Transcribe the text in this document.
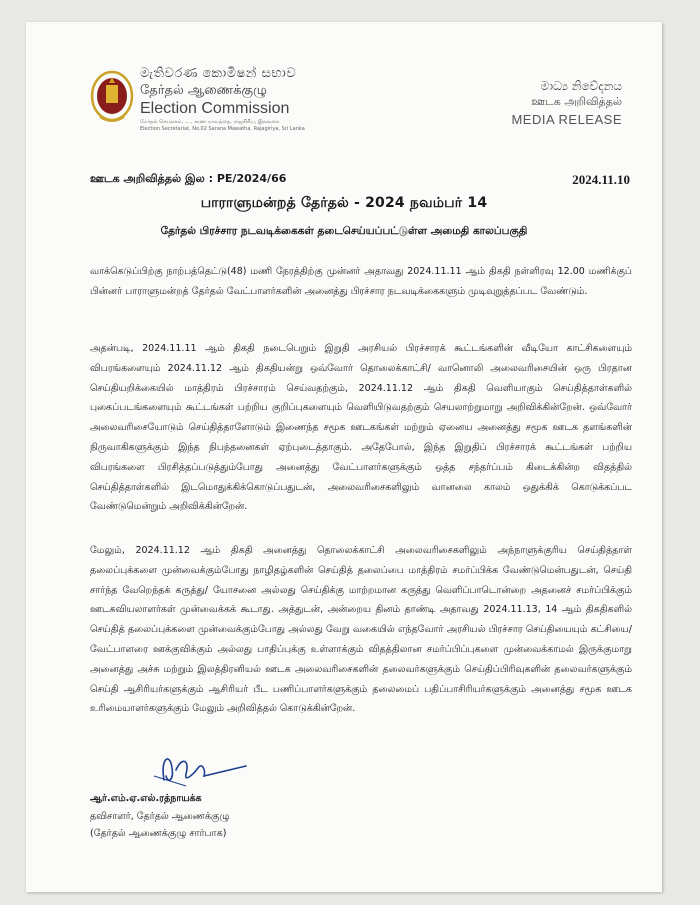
මැතිවරණ කොමිෂන් සභාව
தேர்தல் ஆணைக்குழு
Election Commission
மேர்தல் செயலகம், ... , சரண மாவத்தை, ராஜகிரிய, இலங்கை
Election Secretariat, No.02 Sarana Mawatha, Rajagiriya, Sri Lanka
මාධ්‍ය නිවේදනය
ஊடக அறிவித்தல்
MEDIA RELEASE
ஊடக அறிவித்தல் இல : PE/2024/66	2024.11.10
பாராளுமன்றத் தேர்தல் - 2024 நவம்பர் 14
தேர்தல் பிரச்சார நடவடிக்கைகள் தடைசெய்யப்பட்டுள்ள அமைதி காலப்பகுதி
வாக்கெடுப்பிற்கு நாற்பத்தெட்டு(48) மணி நேரத்திற்கு முன்னர் அதாவது 2024.11.11 ஆம் திகதி நள்ளிரவு 12.00 மணிக்குப் பின்னர் பாராளுமன்றத் தேர்தல் வேட்பாளர்களின் அனைத்து பிரச்சார நடவடிக்கைகளும் முடிவுறுத்தப்பட வேண்டும்.
அதன்படி, 2024.11.11 ஆம் திகதி நடைபெறும் இறுதி அரசியல் பிரச்சாரக் கூட்டங்களின் வீடியோ காட்சிகளையும் விபரங்களையும் 2024.11.12 ஆம் திகதியன்று ஒவ்வோர் தொலைக்காட்சி/ வானொலி அலைவரிசையின் ஒரு பிரதான செய்தியறிக்கையில் மாத்திரம் பிரச்சாரம் செய்வதற்கும், 2024.11.12 ஆம் திகதி வெளியாகும் செய்தித்தாள்களில் புகைப்படங்களையும் கூட்டங்கள் பற்றிய குறிப்புகளையும் வெளியிடுவதற்கும் செயலாற்றுமாறு அறிவிக்கின்றேன். ஒவ்வோர் அலைவரிசையோடும் செய்தித்தாளோடும் இணைந்த சமூக ஊடகங்கள் மற்றும் ஏனைய அனைத்து சமூக ஊடக தளங்களின் நிருவாகிகளுக்கும் இந்த நிபந்தனைகள் ஏற்புடைத்தாகும். அதேபோல், இந்த இறுதிப் பிரச்சாரக் கூட்டங்கள் பற்றிய விபரங்களை பிரசித்தப்படுத்தும்போது அனைத்து வேட்பாளர்களுக்கும் ஒத்த சந்தர்ப்பம் கிடைக்கின்ற விதத்தில் செய்தித்தாள்களில் இடமொதுக்கிக்கொடுப்பதுடன், அலைவரிசைகளிலும் வானலை காலம் ஒதுக்கிக் கொடுக்கப்பட வேண்டுமென்றும் அறிவிக்கின்றேன்.
மேலும், 2024.11.12 ஆம் திகதி அனைத்து தொலைக்காட்சி அலைவரிசைகளிலும் அந்நாளுக்குரிய செய்தித்தாள் தலைப்புக்களை முன்வைக்கும்போது நாழிதழ்களின் செய்தித் தலைப்பை மாத்திரம் சமர்ப்பிக்க வேண்டுமென்பதுடன், செய்தி சார்ந்த வேறெந்தக் கருத்து/ யோசனை அல்லது செய்திக்கு மாற்றமான கருத்து வெளிப்பாடொன்றை அதனைச் சமர்ப்பிக்கும் ஊடகவியலாளர்கள் முன்வைக்கக் கூடாது. அத்துடன், அன்றைய தினம் தாண்டி அதாவது 2024.11.13, 14 ஆம் திகதிகளில் செய்தித் தலைப்புக்களை முன்வைக்கும்போது அல்லது வேறு வகையில் எந்தவோர் அரசியல் பிரச்சார செய்தியையும் கட்சியை/வேட்பாளரை ஊக்குவிக்கும் அல்லது பாதிப்புக்கு உள்ளாக்கும் விதத்திலான சமர்ப்பிப்புகளை முன்வைக்காமல் இருக்குமாறு அனைத்து அச்சு மற்றும் இலத்திரனியல் ஊடக அலைவரிசைகளின் தலைவர்களுக்கும் செய்திப்பிரிவுகளின் தலைவர்களுக்கும் செய்தி ஆசிரியர்களுக்கும் ஆசிரியர் பீட பணிப்பாளர்களுக்கும் தலைமைப் பதிப்பாசிரியர்களுக்கும் அனைத்து சமூக ஊடக உரிமையாளர்களுக்கும் மேலும் அறிவித்தல் கொடுக்கின்றேன்.
ஆர்.எம்.ஏ.எல்.ரத்நாயக்க
தவிசாளர், தேர்தல் ஆணைக்குழு
(தேர்தல் ஆணைக்குழு சார்பாக)
